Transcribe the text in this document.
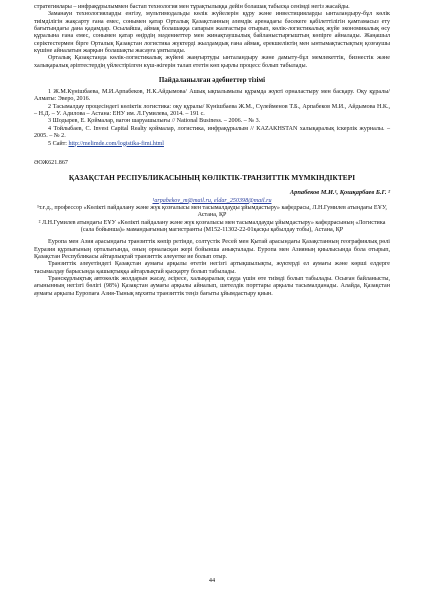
стратегиялары – инфрақұрылыммен бастап технология мен тұрақтылыққа дейін болашақ табысқа сенімді негіз жасайды.

Заманауи технологияларды енгізу, мультимодальды көлік жүйелерін құру және инвестицияларды ынталандыру-бұл көлік тиімділігін жақсарту ғана емес, сонымен қатар Орталық Қазақстанның әлемдік аренадағы бәсекеге қабілеттілігін қамтамасыз ету бағытындағы дана қадамдар. Осылайша, аймақ болашаққа сапарын жалғастыра отырып, көлік-логистикалық жүйе экономикалық өсу құралына ғана емес, сонымен қатар өңірдің мәдениеттер мен жинақтаушылық байланыстырғыштың көпірге айналады. Жаңашыл серіктестермен бірге Орталық Қазақстан логистика жүктерді жылдамдық ғана аймақ, ерекшеліктің мен ынтымақтастықтың қозғаушы күшіне айналатын жарқын болашақты жасауға ұмтылады.

Орталық Қазақстанда көлік-логистикалық жүйені жаңғыртуды ынталандыру және дамыту-бұл мемлекеттік, бизнестік және халықаралық әріптестердің үйлестірілген күш-жігерін талап ететін көп қырлы процесс болып табылады.

Пайдаланылған әдебиеттер тізімі

1 Ж.М.Күнішбаева, М.И.Арпабеков, Н.К.Айдымова/ Ашық ықпалымызы құрамда жүктi орналастыру мен басқару. Оқу құралы/ Алматы: Эверо, 2016.

2 Тасымалдау процесіндегі көліктік логистика: оқу құралы/ Күнішбаева Ж.М., Сүлейменов Т.Б., Арпабеков М.И., Айдымова Н.К., – Н.Д. – У. Адилова – Астана: ЕНУ им. Л.Гумилева, 2014. – 191 с.

3 Шодырев, Е. Қоймалар, вагон шаруашылығы // National Business. – 2006. – № 3.

4 Тойлыбаев, С. Invest Capital Realty қоймалар, логистика, инфрақұрылым // KAZAKHSTAN халықаралық іскерлік журналы. – 2005. – № 2.

5 Сайт: http://melimde.com/logistika-fimi.html

ӘОЖ621.867

ҚАЗАҚСТАН РЕСПУБЛИКАСЫНЫҢ КӨЛІКТІК-ТРАНЗИТТІК МҮМКІНДІКТЕРІ

Арпабеков М.И.¹, Қошқарбаев Б.Г. ²

¹arpabekov_m@mail.ru, eldar_250398@mail.ru

¹т.ғ.д., профессор «Көлікті пайдалану және жүк қозғалысы мен тасымалдауды ұйымдастыру» кафедрасы, Л.Н.Гумилев атындағы ЕҰУ, Астана, ҚР

² Л.Н.Гумилев атындағы ЕҰУ «Көлікті пайдалану және жүк қозғалысы мен тасымалдауды ұйымдастыру» кафедрасының «Логистика (сала бойынша)» мамандығының магистранты (М152-11302-22-01қасқы қабылдау тобы), Астана, ҚР

Еуропа мен Азия арасындағы транзиттік көпір ретінде, солтүстік Ресей мен Қытай арасындағы Қазақстанның географиялық рөлі Еуразия құрлығының орталығында, оның орналасқан жері бойынша анықталады. Еуропа мен Азияның қиылысында бола отырып, Қазақстан Республикасы айтарлықтай транзиттік әлеуетке ие болып отыр.

Транзиттік әлеуетіндегі Қазақстан аумағы арқылы өтетін негізгі артықшылықты, жүктерді ел аумағы және көрші елдерге тасымалдау барысында қашықтыққа айтарлықтай қысқарту болып табылады.

Транскұрлықтық автокөлік жолдарын жасау, әсіресе, халықаралық сауда үшін өте тиімді болып табылады. Осыған байланысты, ағынынның негізгі бөлігі (98%) Қазақстан аумағы арқылы айналып, шетелдік порттары арқылы тасымалданады. Алайда, Қазақстан аумағы арқылы Еуропаға Азия-Тынық мұхиты транзиттік теңіз бағыты ұйымдастыру қиын.

44
